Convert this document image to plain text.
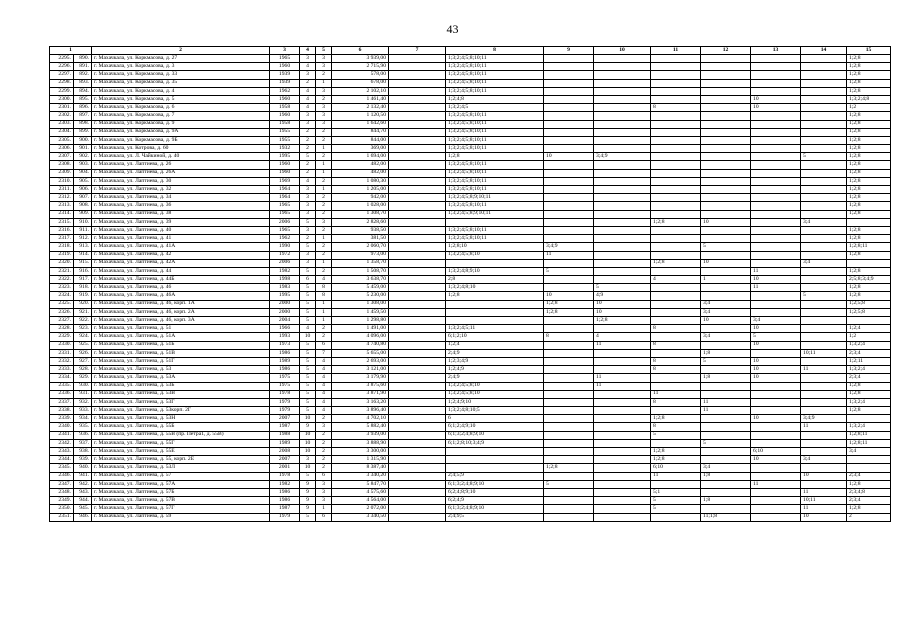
43
1		2	3	4	5	6	7	8	9	10	11	12	13	14	15
2295.	890.	г. Махачкала, ул. Коркмасова, д. 27	1965	3	3	3 939,00		1;3;2;4;5;8;10;11							1;2;8
2296.	891.	г. Махачкала, ул. Коркмасова, д. 3	1960	4	3	2 715,90		1;3;2;4;5;8;10;11							1;2;8
2297.	892.	г. Махачкала, ул. Коркмасова, д. 33	1939	3	2	578,00		1;3;2;4;5;8;10;11							1;2;8
2298.	893.	г. Махачкала, ул. Коркмасова, д. 35	1939	2	1	678,00		1;3;2;4;5;8;10;11							1;2;8
2299.	894.	г. Махачкала, ул. Коркмасова, д. 4	1962	4	3	2 102,10		1;3;2;4;5;8;10;11							1;2;8
2300.	895.	г. Махачкала, ул. Коркмасова, д. 5	1960	4	2	1 461,40		1;2;4;8					10		1;3;2;4;8
2301.	896.	г. Махачкала, ул. Коркмасова, д. 6	1958	4	3	2 132,40		1;3;2;4;5			8		10		1;2
2302.	897.	г. Махачкала, ул. Коркмасова, д. 7	1960	3	3	1 120,50		1;3;2;4;5;8;10;11							1;2;8
2303.	898.	г. Махачкала, ул. Коркмасова, д. 9	1958	3	3	1 642,60		1;3;2;4;5;8;10;11							1;2;8
2304.	899.	г. Махачкала, ул. Коркмасова, д. 9А	1955	2	2	844,70		1;3;2;4;5;8;10;11							1;2;8
2305.	900.	г. Махачкала, ул. Коркмасова, д. 9Б	1955	2	2	844,00		1;3;2;4;5;8;10;11							1;2;8
2306.	901.	г. Махачкала, ул. Котрова, д. 60	1932	2	1	369,00		1;3;2;4;5;8;10;11							1;2;8
2307.	902.	г. Махачкала, ул. Л. Чайкиной, д. 40	1995	5	2	1 694,00		1;2;8	10	3;4;9				5	1;2;8
2308.	903.	г. Махачкала, ул. Лаптиева, д. 26	1960	2	1	482,00		1;3;2;4;5;8;10;11							1;2;8
2309.	904.	г. Махачкала, ул. Лаптиева, д. 26А	1960	2	1	482,00		1;3;2;4;5;8;10;11							1;2;8
2310.	905.	г. Махачкала, ул. Лаптиева, д. 30	1969	4	2	1 080,30		1;3;2;4;5;8;10;11							1;2;8
2311.	906.	г. Махачкала, ул. Лаптиева, д. 32	1964	3	1	1 205,00		1;3;2;4;5;8;10;11							1;2;8
2312.	907.	г. Махачкала, ул. Лаптиева, д. 34	1964	3	2	942,00		1;3;2;4;5;8;9;10;11							1;2;8
2313.	908.	г. Махачкала, ул. Лаптиева, д. 36	1965	3	2	1 028,00		1;3;2;4;5;8;10;11							1;2;8
2314.	909.	г. Махачкала, ул. Лаптиева, д. 38	1965	3	2	1 308,70		1;3;2;4;5;8;9;10;11							1;2;8
2315.	910.	г. Махачкала, ул. Лаптиева, д. 39	2006	5	3	2 828,60					1;2;8	10		3;4	
2316.	911.	г. Махачкала, ул. Лаптиева, д. 40	1965	3	2	938,50		1;3;2;4;5;8;10;11							1;2;8
2317.	912.	г. Махачкала, ул. Лаптиева, д. 41	1962	2	1	381,50		1;3;2;4;5;8;10;11							1;2;8
2318.	913.	г. Махачкала, ул. Лаптиева, д. 41А	1990	5	2	2 060,70		1;2;8;10	3;4;9			5			1;2;8;11
2319.	914.	г. Махачкала, ул. Лаптиева, д. 42	1972	3	2	973,00		1;3;2;4;5;8;10	11						1;2;8
2320.	915.	г. Махачкала, ул. Лаптиева, д. 42А	2006	3	1	1 358,70					1;2;8	10		3;4	
2321.	916.	г. Махачкала, ул. Лаптиева, д. 44	1982	5	2	1 508,70		1;3;2;4;8;9;10	5				11		1;2;8
2322.	917.	г. Махачкала, ул. Лаптиева, д. 44Б	1998	6	4	3 638,70		2;8			4	1	10		2;5;8;3;4;9
2323.	918.	г. Махачкала, ул. Лаптиева, д. 46	1983	5	8	5 459,00		1;3;2;4;8;10		5			11		1;2;8
2324.	919.	г. Махачкала, ул. Лаптиева, д. 46А	1995	5	8	5 230,00		1;2;8	10	4;9				5	1;2;8
2325.	920.	г. Махачкала, ул. Лаптиева, д. 46, корп. 1А	2000	5	1	1 308,00			1;2;8	10		3;4			1;2;5;8
2326.	921.	г. Махачкала, ул. Лаптиева, д. 46, корп. 2А	2000	5	1	1 459,50			1;2;8	10		3;4			1;2;5;8
2327.	922.	г. Махачкала, ул. Лаптиева, д. 46, корп. 3А	2004	5	1	1 298,80				1;2;8		10	3;4		
2328.	923.	г. Махачкала, ул. Лаптиева, д. 51	1966	4	2	1 491,00		1;3;2;4;5;11			8		10		1;2;4
2329.	924.	г. Махачкала, ул. Лаптиева, д. 51А	1993	10	2	4 096,00		6;1;2;10	8	4		3;4	5		1;2
2330.	925.	г. Махачкала, ул. Лаптиева, д. 51Б	1973	5	6	4 740,80		1;2;4		11	8		10		1;3;2;4
2331.	926.	г. Махачкала, ул. Лаптиева, д. 51В	1986	5	7	5 655,00		2;4;9				1;8		10;11	2;3;4
2332.	927.	г. Махачкала, ул. Лаптиева, д. 51Г	1989	5	4	2 693,00		1;2;3;4;9			8	5	10		1;2;11
2333.	928.	г. Махачкала, ул. Лаптиева, д. 53	1986	5	4	3 121,00		1;2;4;9			8		10	11	1;3;2;4
2334.	929.	г. Махачкала, ул. Лаптиева, д. 53А	1975	5	4	3 179,90		2;4;9		11		1;8	10		2;3;4
2335.	930.	г. Махачкала, ул. Лаптиева, д. 53Б	1975	5	4	3 875,60		1;3;2;4;5;8;10		11					1;2;8
2336.	931.	г. Махачкала, ул. Лаптиева, д. 53В	1978	5	4	3 871,90		1;3;2;4;5;8;10			11				1;2;8
2337.	932.	г. Махачкала, ул. Лаптиева, д. 53Г	1979	5	4	3 163,20		1;2;4;9;10			8	11			1;3;2;4
2338.	933.	г. Махачкала, ул. Лаптиева, д. 53корп. 2Г	1979	5	4	3 896,40		1;3;2;4;8;10;5				11			1;2;8
2339.	934.	г. Махачкала, ул. Лаптиева, д. 53Н	2007	10	2	4 702,10		6			1;2;8		10	3;4;9	
2340.	935.	г. Махачкала, ул. Лаптиева, д. 55Б	1987	9	3	5 882,40		6;1;2;4;9;10			8			11	1;3;2;4
2341.	936.	г. Махачкала, ул. Лаптиева, д. 55В (пр. Петра1, д. 55В)	1988	10	2	3 939,00		6;1;3;2;4;8;9;10			5				1;2;8;11
2342.	937.	г. Махачкала, ул. Лаптиева, д. 55Г	1989	10	2	3 888,90		6;1;2;8;10;3;4;9				5			1;2;8;11
2343.	938.	г. Махачкала, ул. Лаптиева, д. 55Е	2008	10	2	3 300,00					1;2;8		6;10		3;4
2344.	939.	г. Махачкала, ул. Лаптиева, д. 55, корп. 2Е	2007	3	2	1 315,90					1;2;8		10	3;4	
2345.	940.	г. Махачкала, ул. Лаптиева, д. 53Л	2001	10	2	8 387,40			1;2;8		6;10	3;4			
2346.	941.	г. Махачкала, ул. Лаптиева, д. 57	1978	5	6	3 340,20		2;4;5;9			11	1;8		10	2;3;4
2347.	942.	г. Махачкала, ул. Лаптиева, д. 57А	1982	9	3	5 847,70		6;1;3;2;4;8;9;10	5				11		1;2;8
2348.	943.	г. Махачкала, ул. Лаптиева, д. 57Б	1986	9	3	4 575,60		6;2;4;8;9;10			5;1			11	2;3;4;8
2349.	944.	г. Махачкала, ул. Лаптиева, д. 57В	1986	9	3	4 564,00		6;2;4;9			5	1;8		10;11	2;3;4
2350.	945.	г. Махачкала, ул. Лаптиева, д. 57Г	1987	9	1	2 072,00		6;1;3;2;4;8;9;10			5			11	1;2;8
2351.	946.	г. Махачкала, ул. Лаптиева, д. 59	1979	5	6	3 340,50		2;4;9;5				11;1;8		10	2
